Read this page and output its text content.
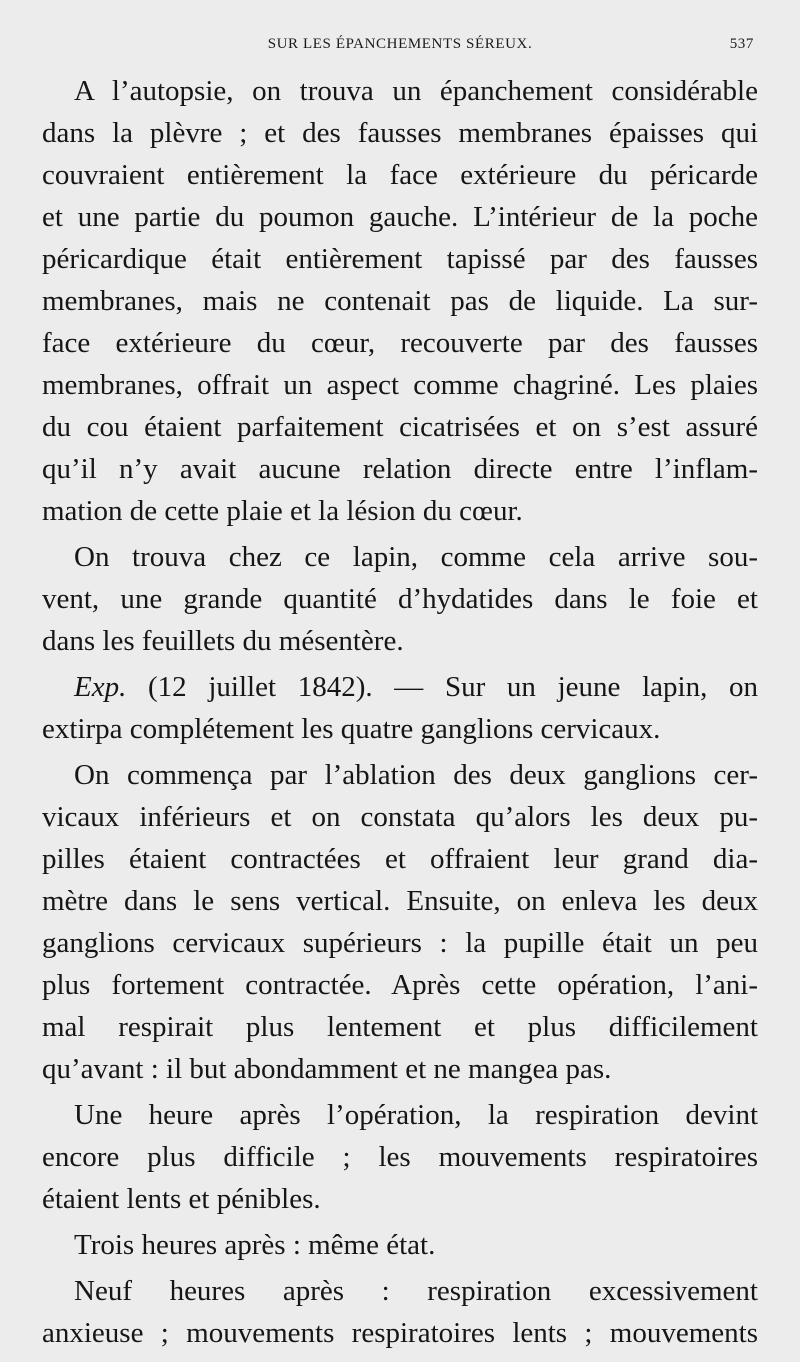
SUR LES ÉPANCHEMENTS SÉREUX.	537
A l’autopsie, on trouva un épanchement considérable
dans la plèvre ; et des fausses membranes épaisses qui
couvraient entièrement la face extérieure du péricarde
et une partie du poumon gauche. L’intérieur de la poche
péricardique était entièrement tapissé par des fausses
membranes, mais ne contenait pas de liquide. La sur-
face extérieure du cœur, recouverte par des fausses
membranes, offrait un aspect comme chagriné. Les plaies
du cou étaient parfaitement cicatrisées et on s’est assuré
qu’il n’y avait aucune relation directe entre l’inflam-
mation de cette plaie et la lésion du cœur.
On trouva chez ce lapin, comme cela arrive sou-
vent, une grande quantité d’hydatides dans le foie et
dans les feuillets du mésentère.
Exp. (12 juillet 1842). — Sur un jeune lapin, on
extirpa complétement les quatre ganglions cervicaux.
On commença par l’ablation des deux ganglions cer-
vicaux inférieurs et on constata qu’alors les deux pu-
pilles étaient contractées et offraient leur grand dia-
mètre dans le sens vertical. Ensuite, on enleva les deux
ganglions cervicaux supérieurs : la pupille était un peu
plus fortement contractée. Après cette opération, l’ani-
mal respirait plus lentement et plus difficilement
qu’avant : il but abondamment et ne mangea pas.
Une heure après l’opération, la respiration devint
encore plus difficile ; les mouvements respiratoires
étaient lents et pénibles.
Trois heures après : même état.
Neuf heures après : respiration excessivement
anxieuse ; mouvements respiratoires lents ; mouvements
